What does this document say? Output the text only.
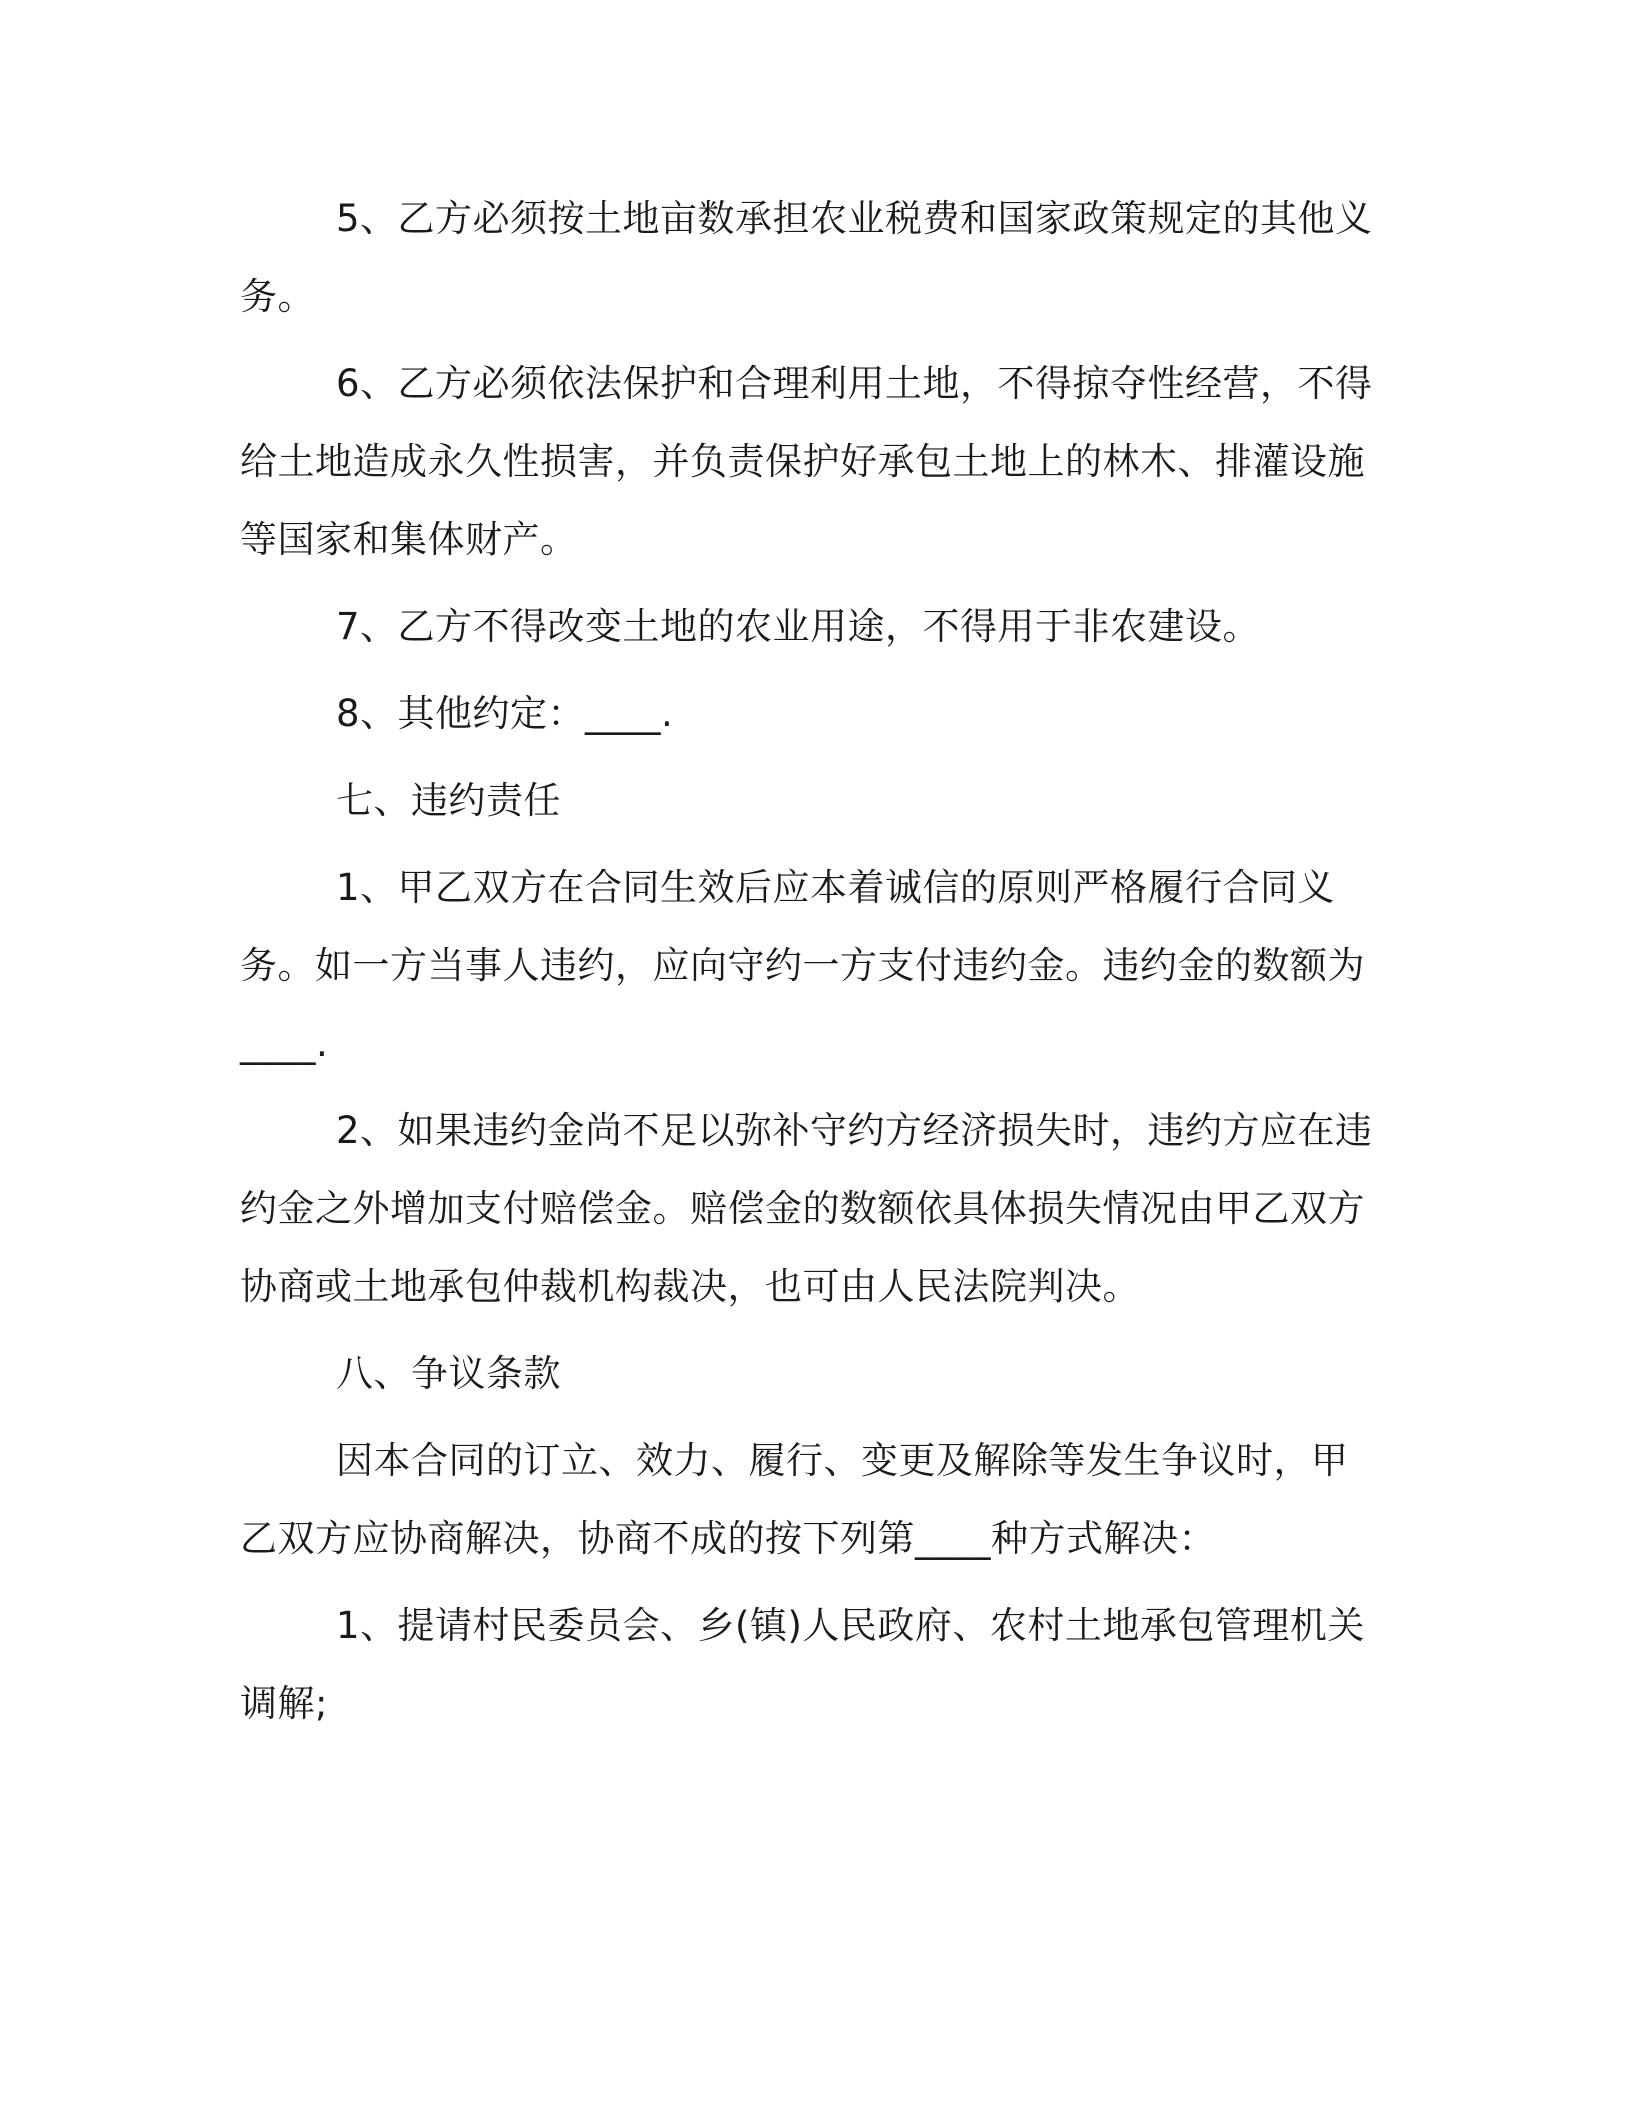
5、乙方必须按土地亩数承担农业税费和国家政策规定的其他义务。

6、乙方必须依法保护和合理利用土地，不得掠夺性经营，不得给土地造成永久性损害，并负责保护好承包土地上的林木、排灌设施等国家和集体财产。

7、乙方不得改变土地的农业用途，不得用于非农建设。

8、其他约定：____.

七、违约责任

1、甲乙双方在合同生效后应本着诚信的原则严格履行合同义务。如一方当事人违约，应向守约一方支付违约金。违约金的数额为____.

2、如果违约金尚不足以弥补守约方经济损失时，违约方应在违约金之外增加支付赔偿金。赔偿金的数额依具体损失情况由甲乙双方协商或土地承包仲裁机构裁决，也可由人民法院判决。

八、争议条款

因本合同的订立、效力、履行、变更及解除等发生争议时，甲乙双方应协商解决，协商不成的按下列第____种方式解决：

1、提请村民委员会、乡(镇)人民政府、农村土地承包管理机关调解;
